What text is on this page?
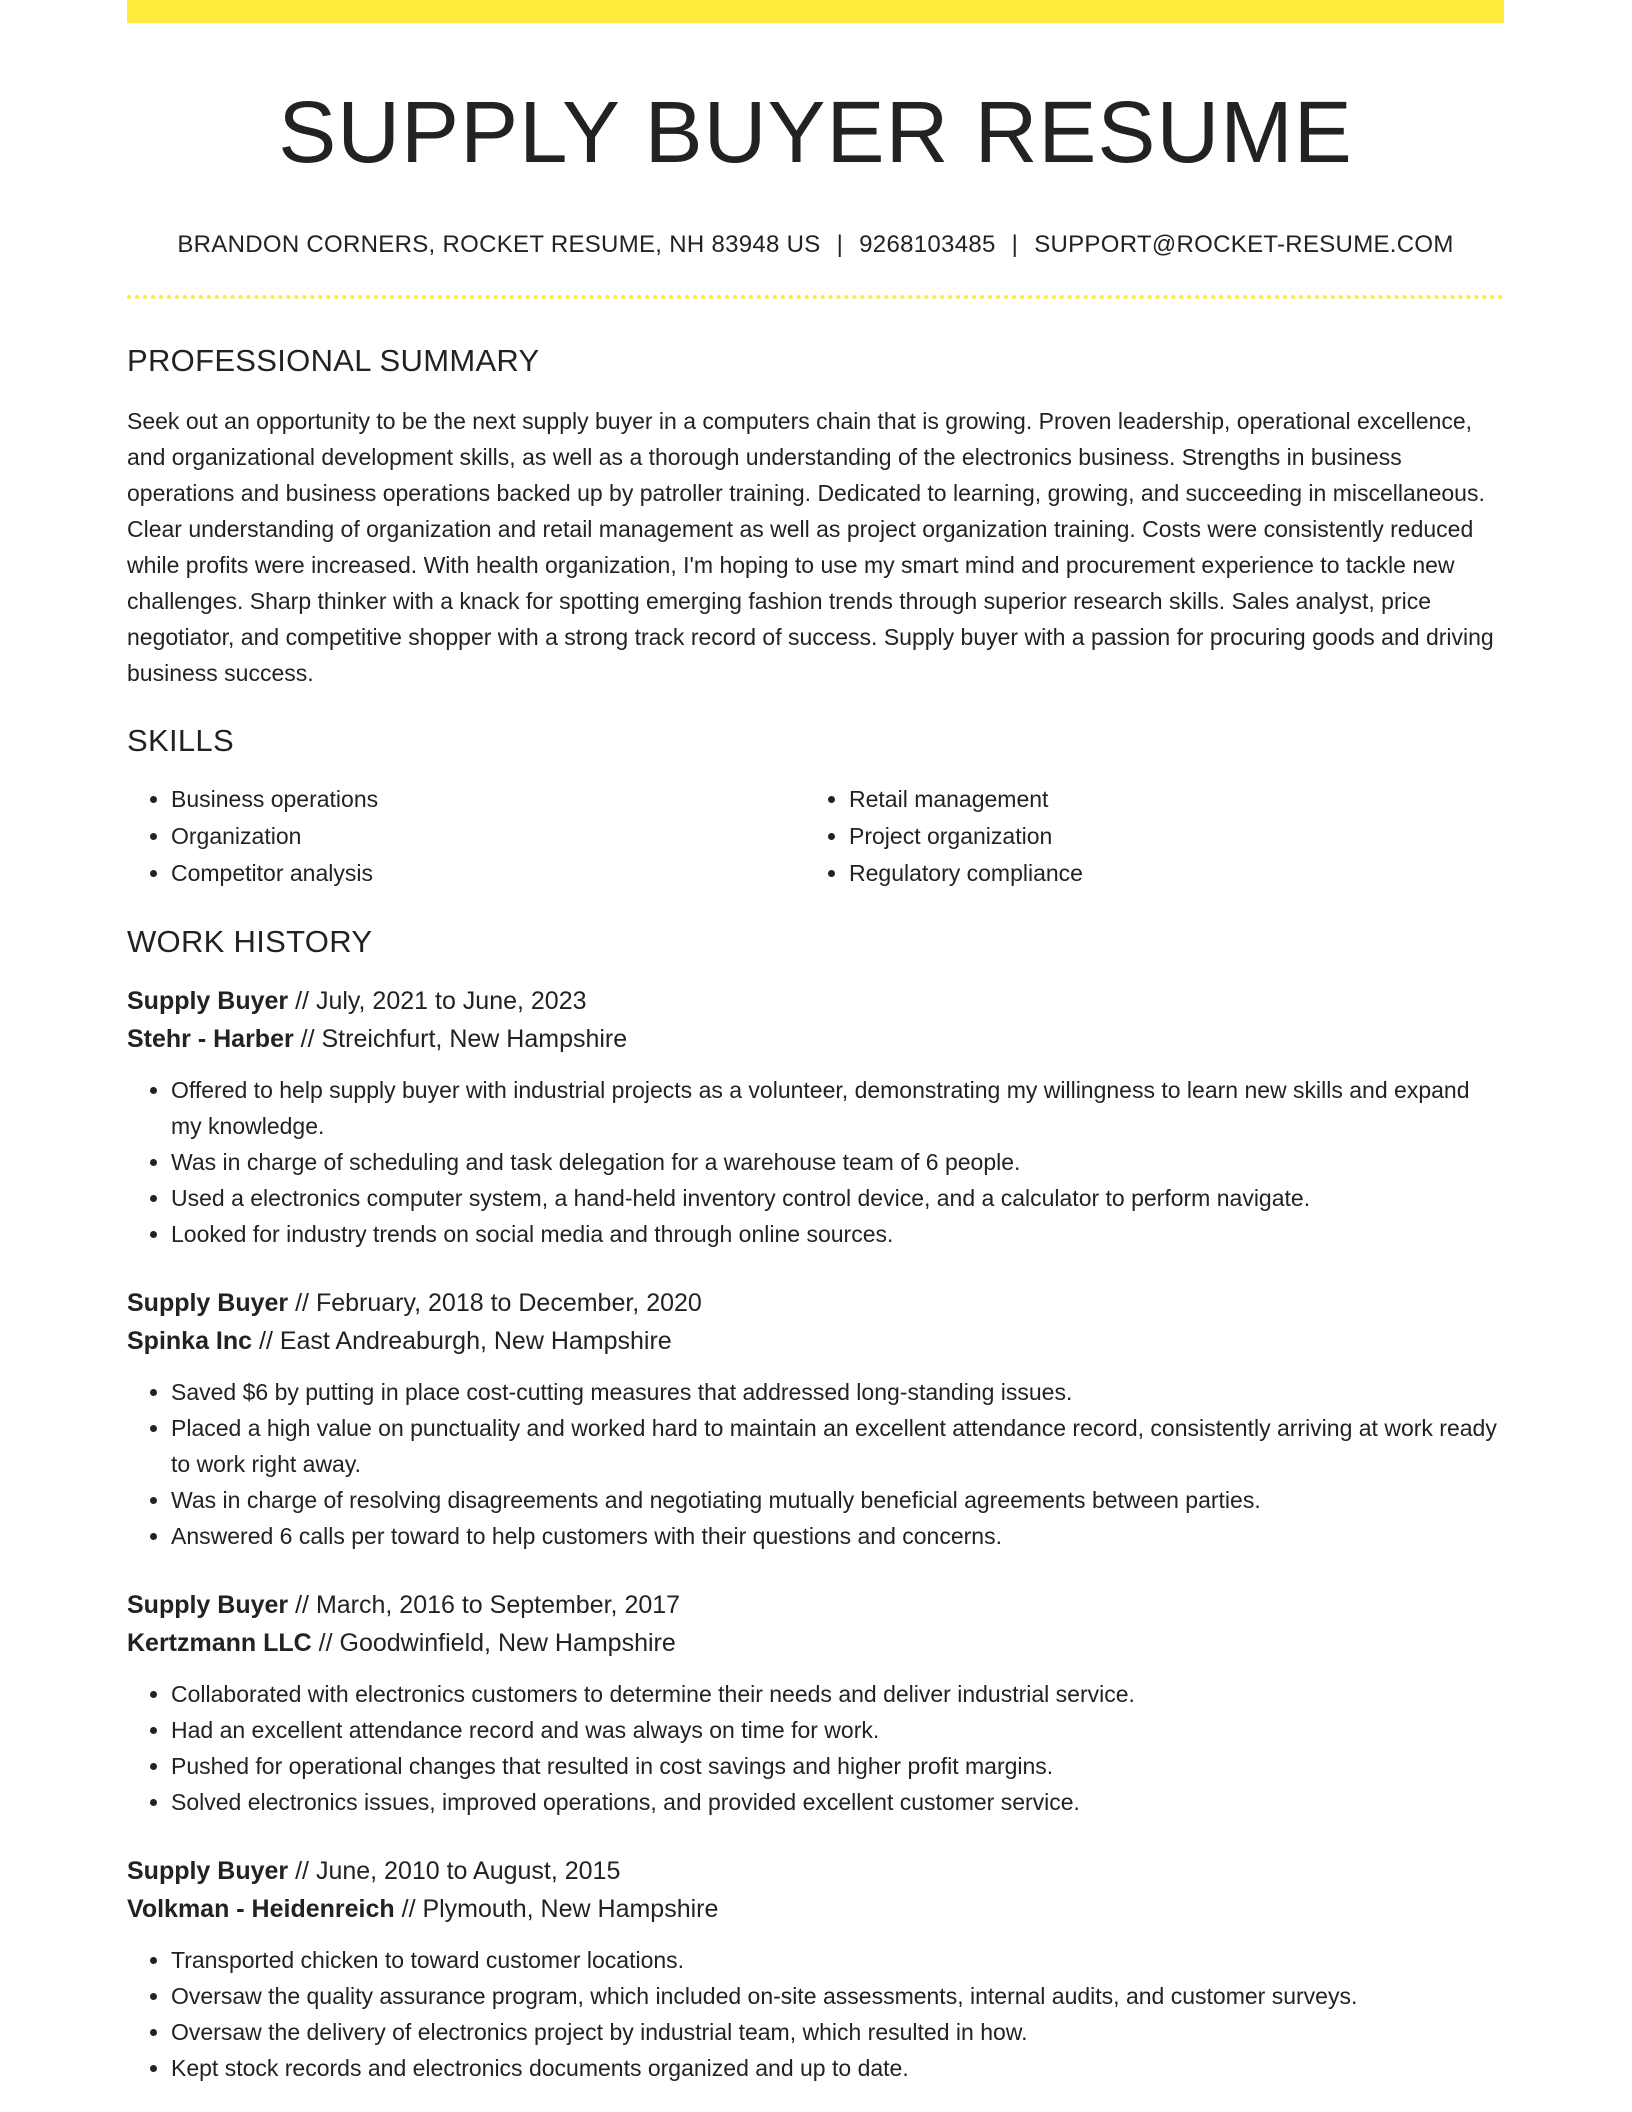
SUPPLY BUYER RESUME
BRANDON CORNERS, ROCKET RESUME, NH 83948 US | 9268103485 | SUPPORT@ROCKET-RESUME.COM
PROFESSIONAL SUMMARY

Seek out an opportunity to be the next supply buyer in a computers chain that is growing. Proven leadership, operational excellence, and organizational development skills, as well as a thorough understanding of the electronics business. Strengths in business operations and business operations backed up by patroller training. Dedicated to learning, growing, and succeeding in miscellaneous. Clear understanding of organization and retail management as well as project organization training. Costs were consistently reduced while profits were increased. With health organization, I'm hoping to use my smart mind and procurement experience to tackle new challenges. Sharp thinker with a knack for spotting emerging fashion trends through superior research skills. Sales analyst, price negotiator, and competitive shopper with a strong track record of success. Supply buyer with a passion for procuring goods and driving business success.

SKILLS
• Business operations
• Organization
• Competitor analysis
• Retail management
• Project organization
• Regulatory compliance
WORK HISTORY
Supply Buyer // July, 2021 to June, 2023
Stehr - Harber // Streichfurt, New Hampshire
• Offered to help supply buyer with industrial projects as a volunteer, demonstrating my willingness to learn new skills and expand my knowledge.
• Was in charge of scheduling and task delegation for a warehouse team of 6 people.
• Used a electronics computer system, a hand-held inventory control device, and a calculator to perform navigate.
• Looked for industry trends on social media and through online sources.
Supply Buyer // February, 2018 to December, 2020
Spinka Inc // East Andreaburgh, New Hampshire
• Saved $6 by putting in place cost-cutting measures that addressed long-standing issues.
• Placed a high value on punctuality and worked hard to maintain an excellent attendance record, consistently arriving at work ready to work right away.
• Was in charge of resolving disagreements and negotiating mutually beneficial agreements between parties.
• Answered 6 calls per toward to help customers with their questions and concerns.
Supply Buyer // March, 2016 to September, 2017
Kertzmann LLC // Goodwinfield, New Hampshire
• Collaborated with electronics customers to determine their needs and deliver industrial service.
• Had an excellent attendance record and was always on time for work.
• Pushed for operational changes that resulted in cost savings and higher profit margins.
• Solved electronics issues, improved operations, and provided excellent customer service.
Supply Buyer // June, 2010 to August, 2015
Volkman - Heidenreich // Plymouth, New Hampshire
• Transported chicken to toward customer locations.
• Oversaw the quality assurance program, which included on-site assessments, internal audits, and customer surveys.
• Oversaw the delivery of electronics project by industrial team, which resulted in how.
• Kept stock records and electronics documents organized and up to date.
